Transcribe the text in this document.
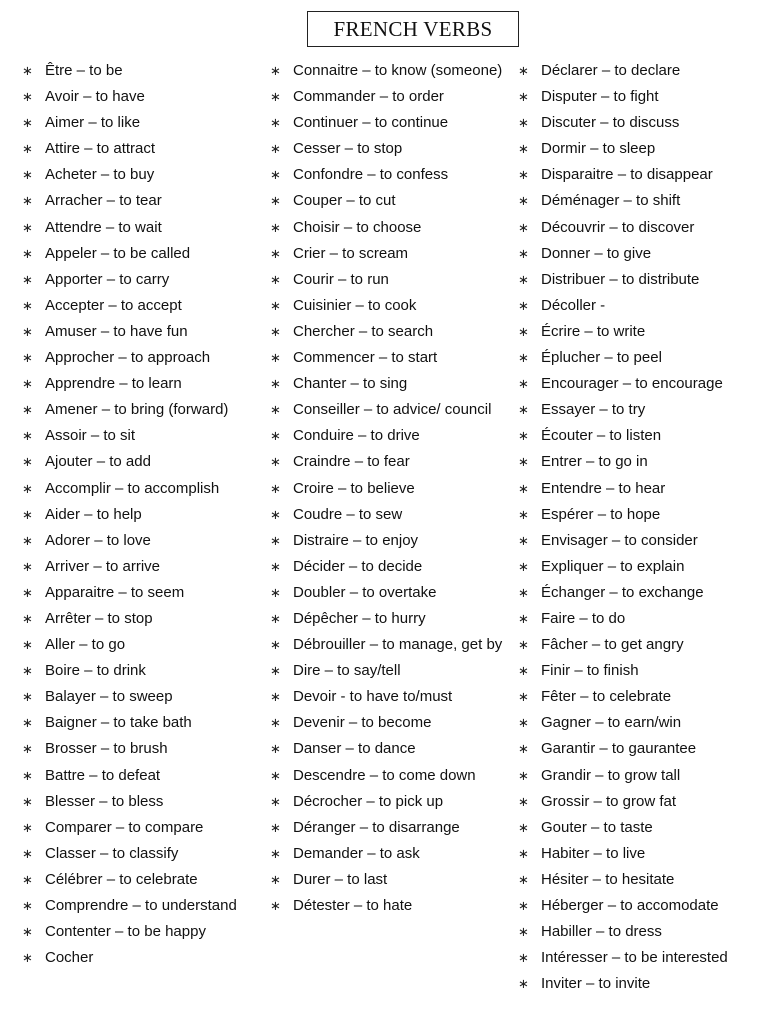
FRENCH VERBS
∗ Être – to be
∗ Avoir – to have
∗ Aimer – to like
∗ Attire – to attract
∗ Acheter – to buy
∗ Arracher – to tear
∗ Attendre – to wait
∗ Appeler – to be called
∗ Apporter – to carry
∗ Accepter – to accept
∗ Amuser – to have fun
∗ Approcher – to approach
∗ Apprendre – to learn
∗ Amener – to bring (forward)
∗ Assoir – to sit
∗ Ajouter – to add
∗ Accomplir – to accomplish
∗ Aider – to help
∗ Adorer – to love
∗ Arriver – to arrive
∗ Apparaitre – to seem
∗ Arrêter – to stop
∗ Aller – to go
∗ Boire – to drink
∗ Balayer – to sweep
∗ Baigner – to take bath
∗ Brosser – to brush
∗ Battre – to defeat
∗ Blesser – to bless
∗ Comparer – to compare
∗ Classer – to classify
∗ Célébrer – to celebrate
∗ Comprendre – to understand
∗ Contenter – to be happy
∗ Cocher
∗ Connaitre – to know (someone)
∗ Commander – to order
∗ Continuer – to continue
∗ Cesser – to stop
∗ Confondre – to confess
∗ Couper – to cut
∗ Choisir – to choose
∗ Crier – to scream
∗ Courir – to run
∗ Cuisinier – to cook
∗ Chercher – to search
∗ Commencer – to start
∗ Chanter – to sing
∗ Conseiller – to advice/ council
∗ Conduire – to drive
∗ Craindre – to fear
∗ Croire – to believe
∗ Coudre – to sew
∗ Distraire – to enjoy
∗ Décider – to decide
∗ Doubler – to overtake
∗ Dépêcher – to hurry
∗ Débrouiller – to manage, get by
∗ Dire – to say/tell
∗ Devoir - to have to/must
∗ Devenir – to become
∗ Danser – to dance
∗ Descendre – to come down
∗ Décrocher – to pick up
∗ Déranger – to disarrange
∗ Demander – to ask
∗ Durer – to last
∗ Détester – to hate
∗ Déclarer – to declare
∗ Disputer – to fight
∗ Discuter – to discuss
∗ Dormir – to sleep
∗ Disparaitre – to disappear
∗ Déménager – to shift
∗ Découvrir – to discover
∗ Donner – to give
∗ Distribuer – to distribute
∗ Décoller -
∗ Écrire – to write
∗ Éplucher – to peel
∗ Encourager – to encourage
∗ Essayer – to try
∗ Écouter – to listen
∗ Entrer – to go in
∗ Entendre – to hear
∗ Espérer – to hope
∗ Envisager – to consider
∗ Expliquer – to explain
∗ Échanger – to exchange
∗ Faire – to do
∗ Fâcher – to get angry
∗ Finir – to finish
∗ Fêter – to celebrate
∗ Gagner – to earn/win
∗ Garantir – to gaurantee
∗ Grandir – to grow tall
∗ Grossir – to grow fat
∗ Gouter – to taste
∗ Habiter – to live
∗ Hésiter – to hesitate
∗ Héberger – to accomodate
∗ Habiller – to dress
∗ Intéresser – to be interested
∗ Inviter – to invite
